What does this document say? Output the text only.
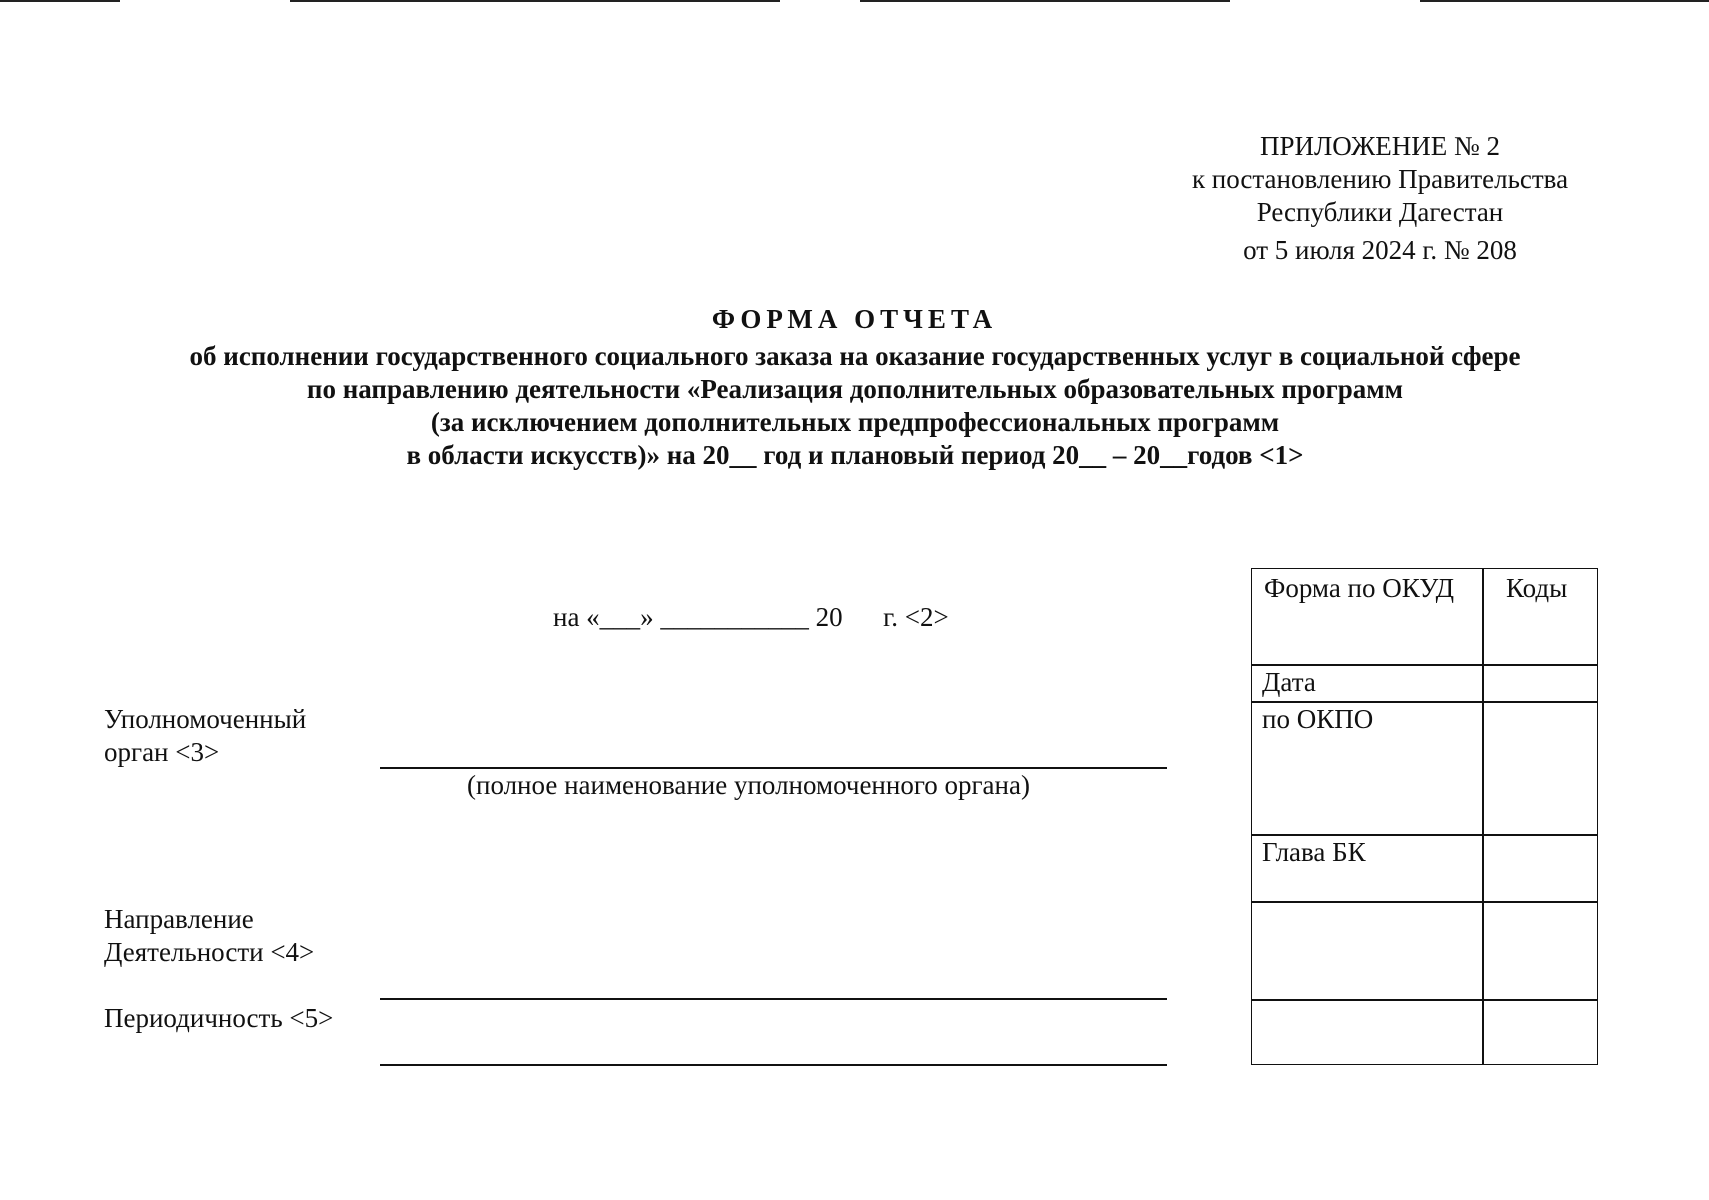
ПРИЛОЖЕНИЕ № 2
к постановлению Правительства
Республики Дагестан
от 5 июля 2024 г. № 208
ФОРМА ОТЧЕТА
об исполнении государственного социального заказа на оказание государственных услуг в социальной сфере
по направлению деятельности «Реализация дополнительных образовательных программ
(за исключением дополнительных предпрофессиональных программ
в области искусств)» на 20__ год и плановый период 20__ – 20__годов <1>
на «___» ___________ 20      г. <2>
Уполномоченный
орган <3>
(полное наименование уполномоченного органа)
Направление
Деятельности <4>
Периодичность <5>
Форма по ОКУД Коды
Дата
по ОКПО
Глава БК
